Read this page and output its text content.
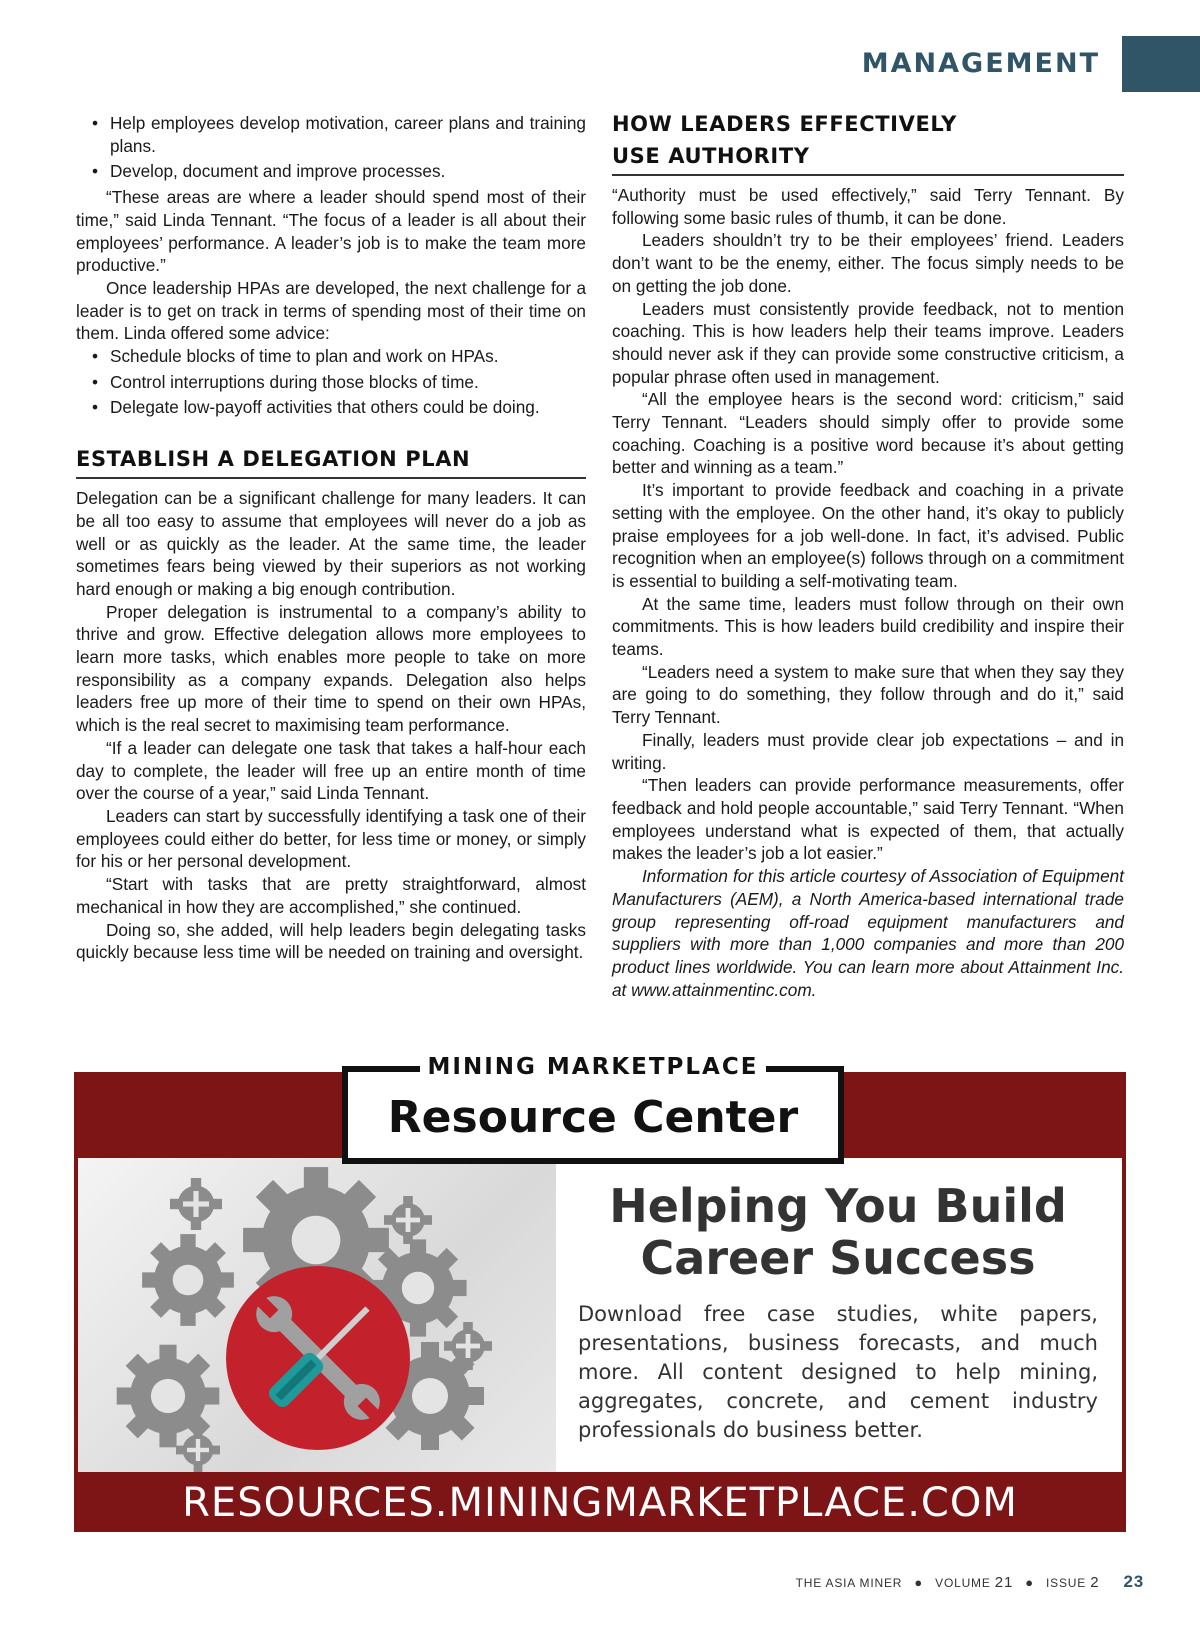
MANAGEMENT
• Help employees develop motivation, career plans and training plans.
• Develop, document and improve processes.

“These areas are where a leader should spend most of their time,” said Linda Tennant. “The focus of a leader is all about their employees’ performance. A leader’s job is to make the team more productive.”

Once leadership HPAs are developed, the next challenge for a leader is to get on track in terms of spending most of their time on them. Linda offered some advice:

• Schedule blocks of time to plan and work on HPAs.
• Control interruptions during those blocks of time.
• Delegate low-payoff activities that others could be doing.
ESTABLISH A DELEGATION PLAN

Delegation can be a significant challenge for many leaders. It can be all too easy to assume that employees will never do a job as well or as quickly as the leader. At the same time, the leader sometimes fears being viewed by their superiors as not working hard enough or making a big enough contribution.

Proper delegation is instrumental to a company’s ability to thrive and grow. Effective delegation allows more employees to learn more tasks, which enables more people to take on more responsibility as a company expands. Delegation also helps leaders free up more of their time to spend on their own HPAs, which is the real secret to maximising team performance.

“If a leader can delegate one task that takes a half-hour each day to complete, the leader will free up an entire month of time over the course of a year,” said Linda Tennant.

Leaders can start by successfully identifying a task one of their employees could either do better, for less time or money, or simply for his or her personal development.

“Start with tasks that are pretty straightforward, almost mechanical in how they are accomplished,” she continued.

Doing so, she added, will help leaders begin delegating tasks quickly because less time will be needed on training and oversight.

HOW LEADERS EFFECTIVELY
USE AUTHORITY

“Authority must be used effectively,” said Terry Tennant. By following some basic rules of thumb, it can be done.

Leaders shouldn’t try to be their employees’ friend. Leaders don’t want to be the enemy, either. The focus simply needs to be on getting the job done.

Leaders must consistently provide feedback, not to mention coaching. This is how leaders help their teams improve. Leaders should never ask if they can provide some constructive criticism, a popular phrase often used in management.

“All the employee hears is the second word: criticism,” said Terry Tennant. “Leaders should simply offer to provide some coaching. Coaching is a positive word because it’s about getting better and winning as a team.”

It’s important to provide feedback and coaching in a private setting with the employee. On the other hand, it’s okay to publicly praise employees for a job well-done. In fact, it’s advised. Public recognition when an employee(s) follows through on a commitment is essential to building a self-motivating team.

At the same time, leaders must follow through on their own commitments. This is how leaders build credibility and inspire their teams.

“Leaders need a system to make sure that when they say they are going to do something, they follow through and do it,” said Terry Tennant.

Finally, leaders must provide clear job expectations – and in writing.

“Then leaders can provide performance measurements, offer feedback and hold people accountable,” said Terry Tennant. “When employees understand what is expected of them, that actually makes the leader’s job a lot easier.”

Information for this article courtesy of Association of Equipment Manufacturers (AEM), a North America-based international trade group representing off-road equipment manufacturers and suppliers with more than 1,000 companies and more than 200 product lines worldwide. You can learn more about Attainment Inc. at www.attainmentinc.com.

Helping You Build
Career Success
Download free case studies, white papers, presentations, business forecasts, and much more. All content designed to help mining, aggregates, concrete, and cement industry professionals do business better.
MINING MARKETPLACE
Resource Center
RESOURCES.MININGMARKETPLACE.COM
THE ASIA MINER ● VOLUME 21 ● ISSUE 2 23
